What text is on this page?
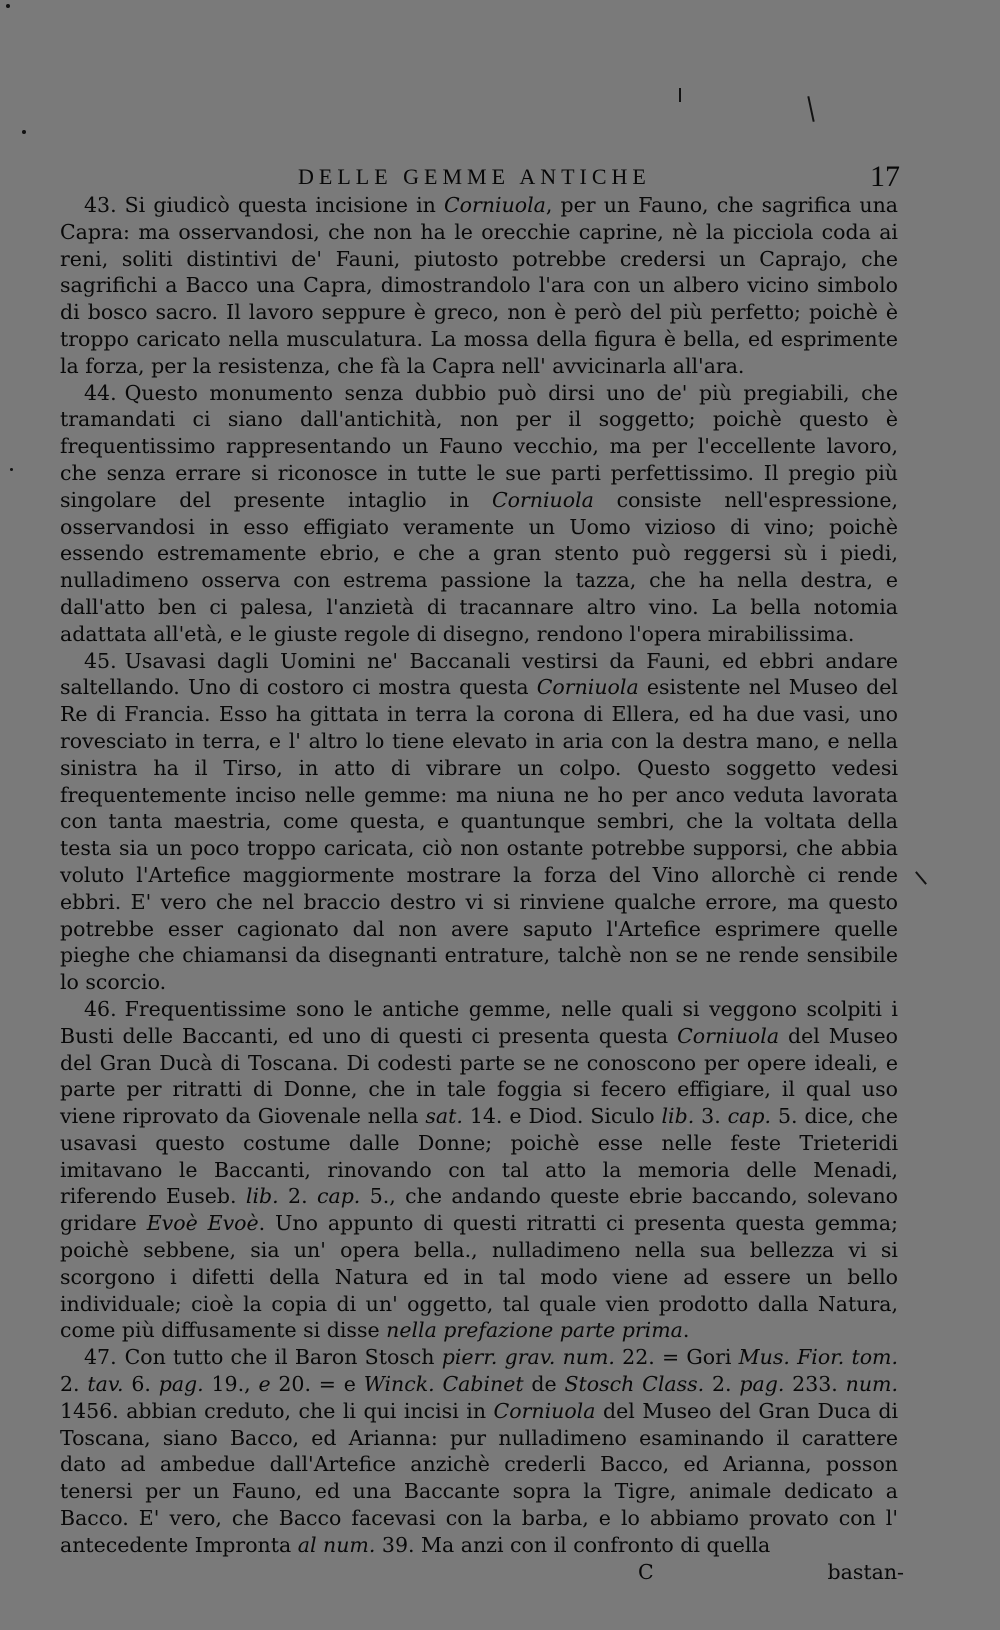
DELLE GEMME ANTICHE	17

43. Si giudicò questa incisione in Corniuola, per un Fauno, che sagrifica una Capra: ma osservandosi, che non ha le orecchie caprine, nè la picciola coda ai reni, soliti distintivi de' Fauni, piutosto potrebbe credersi un Caprajo, che sagrifichi a Bacco una Capra, dimostrandolo l'ara con un albero vicino simbolo di bosco sacro. Il lavoro seppure è greco, non è però del più perfetto; poichè è troppo caricato nella musculatura. La mossa della figura è bella, ed esprimente la forza, per la resistenza, che fà la Capra nell' avvicinarla all'ara.

44. Questo monumento senza dubbio può dirsi uno de' più pregiabili, che tramandati ci siano dall'antichità, non per il soggetto; poichè questo è frequentissimo rappresentando un Fauno vecchio, ma per l'eccellente lavoro, che senza errare si riconosce in tutte le sue parti perfettissimo. Il pregio più singolare del presente intaglio in Corniuola consiste nell'espressione, osservandosi in esso effigiato veramente un Uomo vizioso di vino; poichè essendo estremamente ebrio, e che a gran stento può reggersi sù i piedi, nulladimeno osserva con estrema passione la tazza, che ha nella destra, e dall'atto ben ci palesa, l'anzietà di tracannare altro vino. La bella notomia adattata all'età, e le giuste regole di disegno, rendono l'opera mirabilissima.

45. Usavasi dagli Uomini ne' Baccanali vestirsi da Fauni, ed ebbri andare saltellando. Uno di costoro ci mostra questa Corniuola esistente nel Museo del Re di Francia. Esso ha gittata in terra la corona di Ellera, ed ha due vasi, uno rovesciato in terra, e l' altro lo tiene elevato in aria con la destra mano, e nella sinistra ha il Tirso, in atto di vibrare un colpo. Questo soggetto vedesi frequentemente inciso nelle gemme: ma niuna ne ho per anco veduta lavorata con tanta maestria, come questa, e quantunque sembri, che la voltata della testa sia un poco troppo caricata, ciò non ostante potrebbe supporsi, che abbia voluto l'Artefice maggiormente mostrare la forza del Vino allorchè ci rende ebbri. E' vero che nel braccio destro vi si rinviene qualche errore, ma questo potrebbe esser cagionato dal non avere saputo l'Artefice esprimere quelle pieghe che chiamansi da disegnanti entrature, talchè non se ne rende sensibile lo scorcio.

46. Frequentissime sono le antiche gemme, nelle quali si veggono scolpiti i Busti delle Baccanti, ed uno di questi ci presenta questa Corniuola del Museo del Gran Ducà di Toscana. Di codesti parte se ne conoscono per opere ideali, e parte per ritratti di Donne, che in tale foggia si fecero effigiare, il qual uso viene riprovato da Giovenale nella sat. 14. e Diod. Siculo lib. 3. cap. 5. dice, che usavasi questo costume dalle Donne; poichè esse nelle feste Trieteridi imitavano le Baccanti, rinovando con tal atto la memoria delle Menadi, riferendo Euseb. lib. 2. cap. 5., che andando queste ebrie baccando, solevano gridare Evoè Evoè. Uno appunto di questi ritratti ci presenta questa gemma; poichè sebbene, sia un' opera bella., nulladimeno nella sua bellezza vi si scorgono i difetti della Natura ed in tal modo viene ad essere un bello individuale; cioè la copia di un' oggetto, tal quale vien prodotto dalla Natura, come più diffusamente si disse nella prefazione parte prima.

47. Con tutto che il Baron Stosch pierr. grav. num. 22. = Gori Mus. Fior. tom. 2. tav. 6. pag. 19., e 20. = e Winck. Cabinet de Stosch Class. 2. pag. 233. num. 1456. abbian creduto, che li qui incisi in Corniuola del Museo del Gran Duca di Toscana, siano Bacco, ed Arianna: pur nulladimeno esaminando il carattere dato ad ambedue dall'Artefice anzichè crederli Bacco, ed Arianna, posson tenersi per un Fauno, ed una Baccante sopra la Tigre, animale dedicato a Bacco. E' vero, che Bacco facevasi con la barba, e lo abbiamo provato con l' antecedente Impronta al num. 39. Ma anzi con il confronto di quella

C	bastan-
